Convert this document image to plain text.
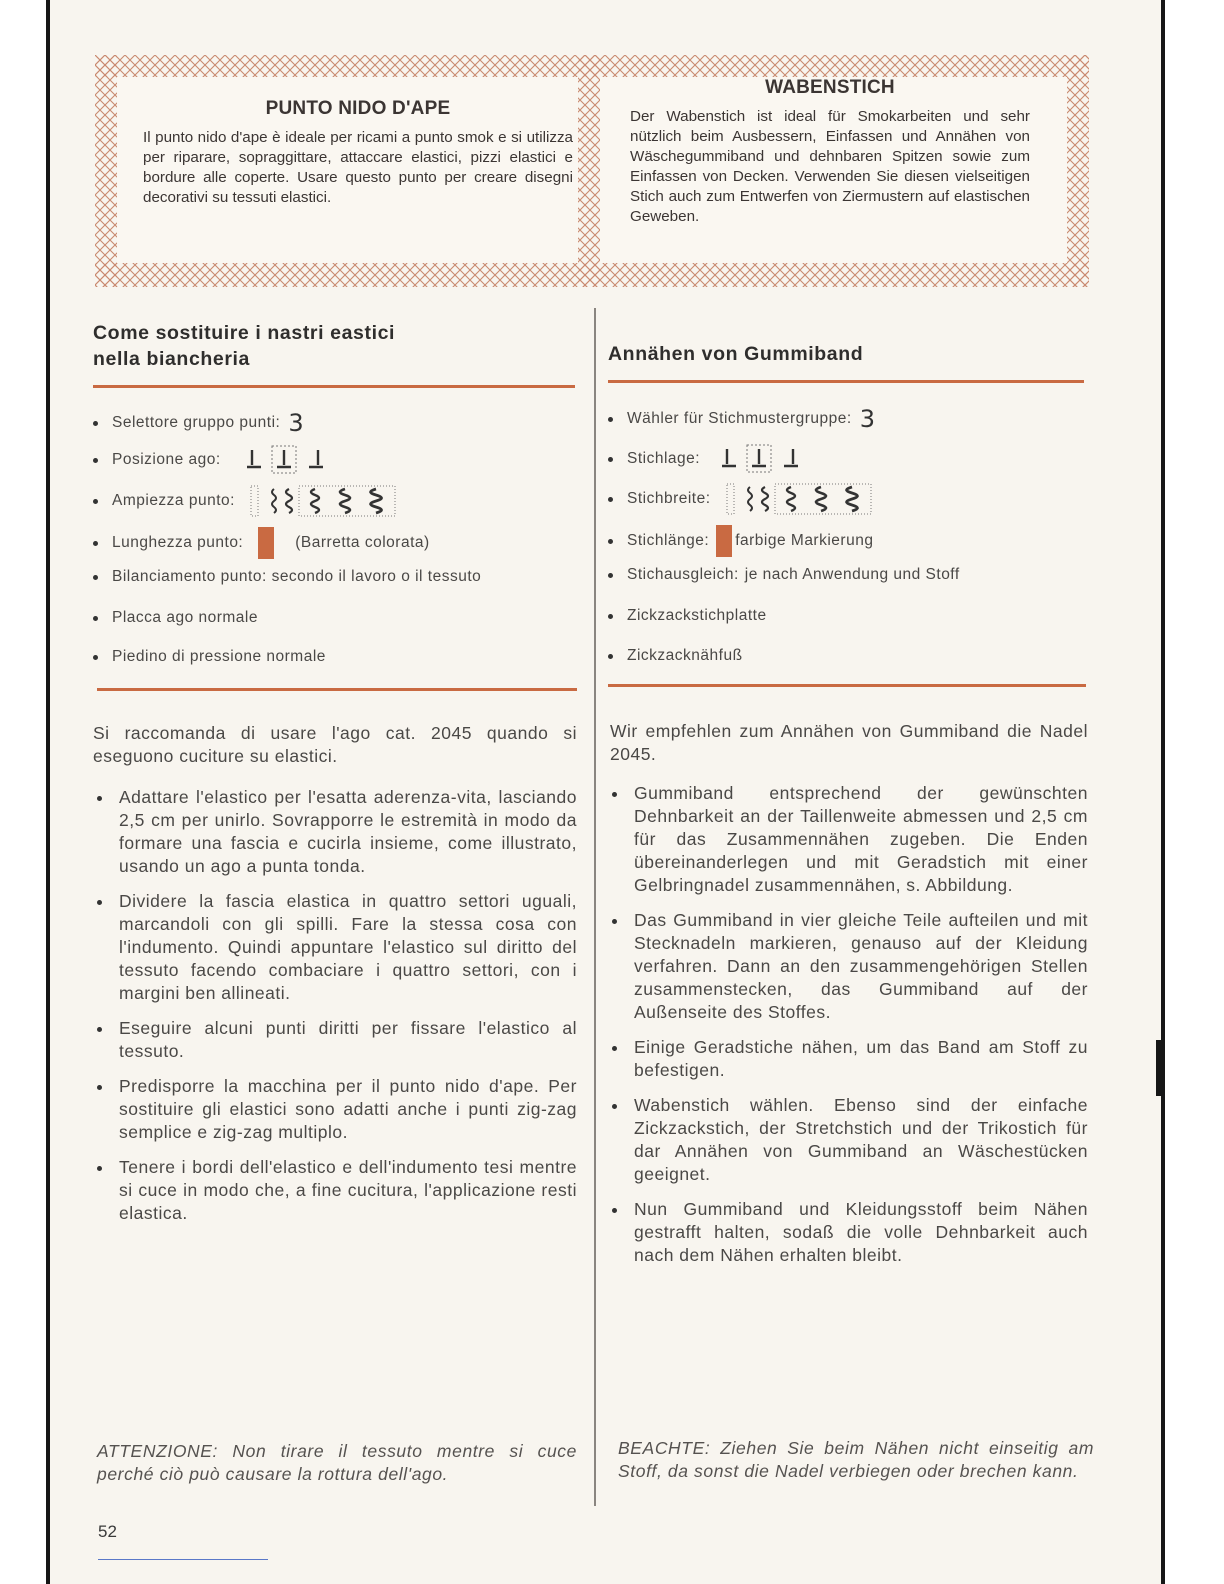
PUNTO NIDO D'APE

Il punto nido d'ape è ideale per ricami a punto smok e si utilizza per riparare, sopraggittare, attaccare elastici, pizzi elastici e bordure alle coperte. Usare questo punto per creare disegni decorativi su tessuti elastici.

WABENSTICH

Der Wabenstich ist ideal für Smokarbeiten und sehr nützlich beim Ausbessern, Einfassen und Annähen von Wäschegummiband und dehnbaren Spitzen sowie zum Einfassen von Decken. Verwenden Sie diesen vielseitigen Stich auch zum Entwerfen von Ziermustern auf elastischen Geweben.

Come sostituire i nastri eastici
nella biancheria
Selettore gruppo punti: 3
Posizione ago:
Ampiezza punto:
Lunghezza punto:	(Barretta colorata)
Bilanciamento punto: secondo il lavoro o il tessuto
Placca ago normale
Piedino di pressione normale

Si raccomanda di usare l'ago cat. 2045 quando si eseguono cuciture su elastici.

Adattare l'elastico per l'esatta aderenza-vita, lasciando 2,5 cm per unirlo. Sovrapporre le estremità in modo da formare una fascia e cucirla insieme, come illustrato, usando un ago a punta tonda.
Dividere la fascia elastica in quattro settori uguali, marcandoli con gli spilli. Fare la stessa cosa con l'indumento. Quindi appuntare l'elastico sul diritto del tessuto facendo combaciare i quattro settori, con i margini ben allineati.
Eseguire alcuni punti diritti per fissare l'elastico al tessuto.
Predisporre la macchina per il punto nido d'ape. Per sostituire gli elastici sono adatti anche i punti zig-zag semplice e zig-zag multiplo.
Tenere i bordi dell'elastico e dell'indumento tesi mentre si cuce in modo che, a fine cucitura, l'applicazione resti elastica.

ATTENZIONE: Non tirare il tessuto mentre si cuce perché ciò può causare la rottura dell'ago.

Annähen von Gummiband
Wähler für Stichmustergruppe: 3
Stichlage:
Stichbreite:
Stichlänge: farbige Markierung
Stichausgleich: je nach Anwendung und Stoff
Zickzackstichplatte
Zickzacknähfuß

Wir empfehlen zum Annähen von Gummiband die Nadel 2045.

Gummiband entsprechend der gewünschten Dehnbarkeit an der Taillenweite abmessen und 2,5 cm für das Zusammennähen zugeben. Die Enden übereinanderlegen und mit Geradstich mit einer Gelbringnadel zusammennähen, s. Abbildung.
Das Gummiband in vier gleiche Teile aufteilen und mit Stecknadeln markieren, genauso auf der Kleidung verfahren. Dann an den zusammengehörigen Stellen zusammenstecken, das Gummiband auf der Außenseite des Stoffes.
Einige Geradstiche nähen, um das Band am Stoff zu befestigen.
Wabenstich wählen. Ebenso sind der einfache Zickzackstich, der Stretchstich und der Trikostich für dar Annähen von Gummiband an Wäschestücken geeignet.
Nun Gummiband und Kleidungsstoff beim Nähen gestrafft halten, sodaß die volle Dehnbarkeit auch nach dem Nähen erhalten bleibt.

BEACHTE: Ziehen Sie beim Nähen nicht einseitig am Stoff, da sonst die Nadel verbiegen oder brechen kann.

52
